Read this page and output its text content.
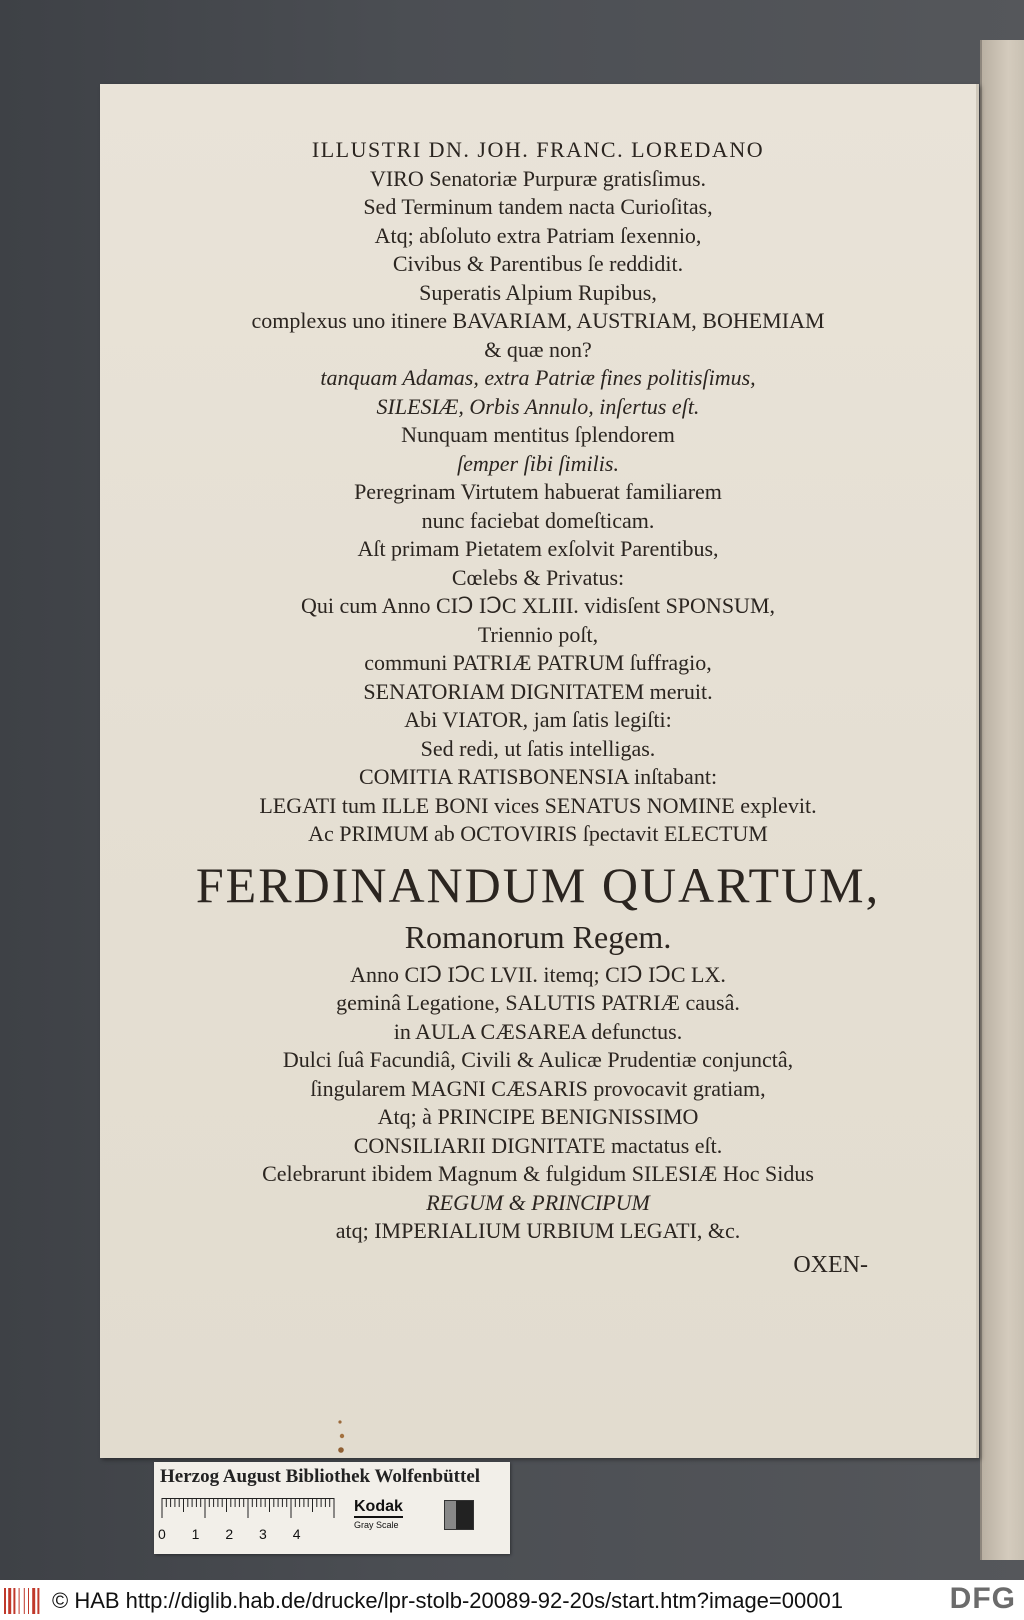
ILLUSTRI DN. JOH. FRANC. LOREDANO
VIRO Senatoriæ Purpuræ gratisſimus.
Sed Terminum tandem nacta Curioſitas,
Atq; abſoluto extra Patriam ſexennio,
Civibus & Parentibus ſe reddidit.
Superatis Alpium Rupibus,
complexus uno itinere BAVARIAM, AUSTRIAM, BOHEMIAM
& quæ non?
tanquam Adamas, extra Patriæ fines politisſimus,
SILESIÆ, Orbis Annulo, inſertus eſt.
Nunquam mentitus ſplendorem
ſemper ſibi ſimilis.
Peregrinam Virtutem habuerat familiarem
nunc faciebat domeſticam.
Aſt primam Pietatem exſolvit Parentibus,
Cœlebs & Privatus:
Qui cum Anno CIↃ IↃC XLIII. vidisſent SPONSUM,
Triennio poſt,
communi PATRIÆ PATRUM ſuffragio,
SENATORIAM DIGNITATEM meruit.
Abi VIATOR, jam ſatis legiſti:
Sed redi, ut ſatis intelligas.
COMITIA RATISBONENSIA inſtabant:
LEGATI tum ILLE BONI vices SENATUS NOMINE explevit.
Ac PRIMUM ab OCTOVIRIS ſpectavit ELECTUM
FERDINANDUM QUARTUM,
Romanorum Regem.
Anno CIↃ IↃC LVII. itemq; CIↃ IↃC LX.
geminâ Legatione, SALUTIS PATRIÆ causâ.
in AULA CÆSAREA defunctus.
Dulci ſuâ Facundiâ, Civili & Aulicæ Prudentiæ conjunctâ,
ſingularem MAGNI CÆSARIS provocavit gratiam,
Atq; à PRINCIPE BENIGNISSIMO
CONSILIARII DIGNITATE mactatus eſt.
Celebrarunt ibidem Magnum & fulgidum SILESIÆ Hoc Sidus
REGUM & PRINCIPUM
atq; IMPERIALIUM URBIUM LEGATI, &c.
OXEN-
Herzog August Bibliothek Wolfenbüttel
0 1 2 3 4
Kodak
Gray Scale
© HAB http://diglib.hab.de/drucke/lpr-stolb-20089-92-20s/start.htm?image=00001	DFG
